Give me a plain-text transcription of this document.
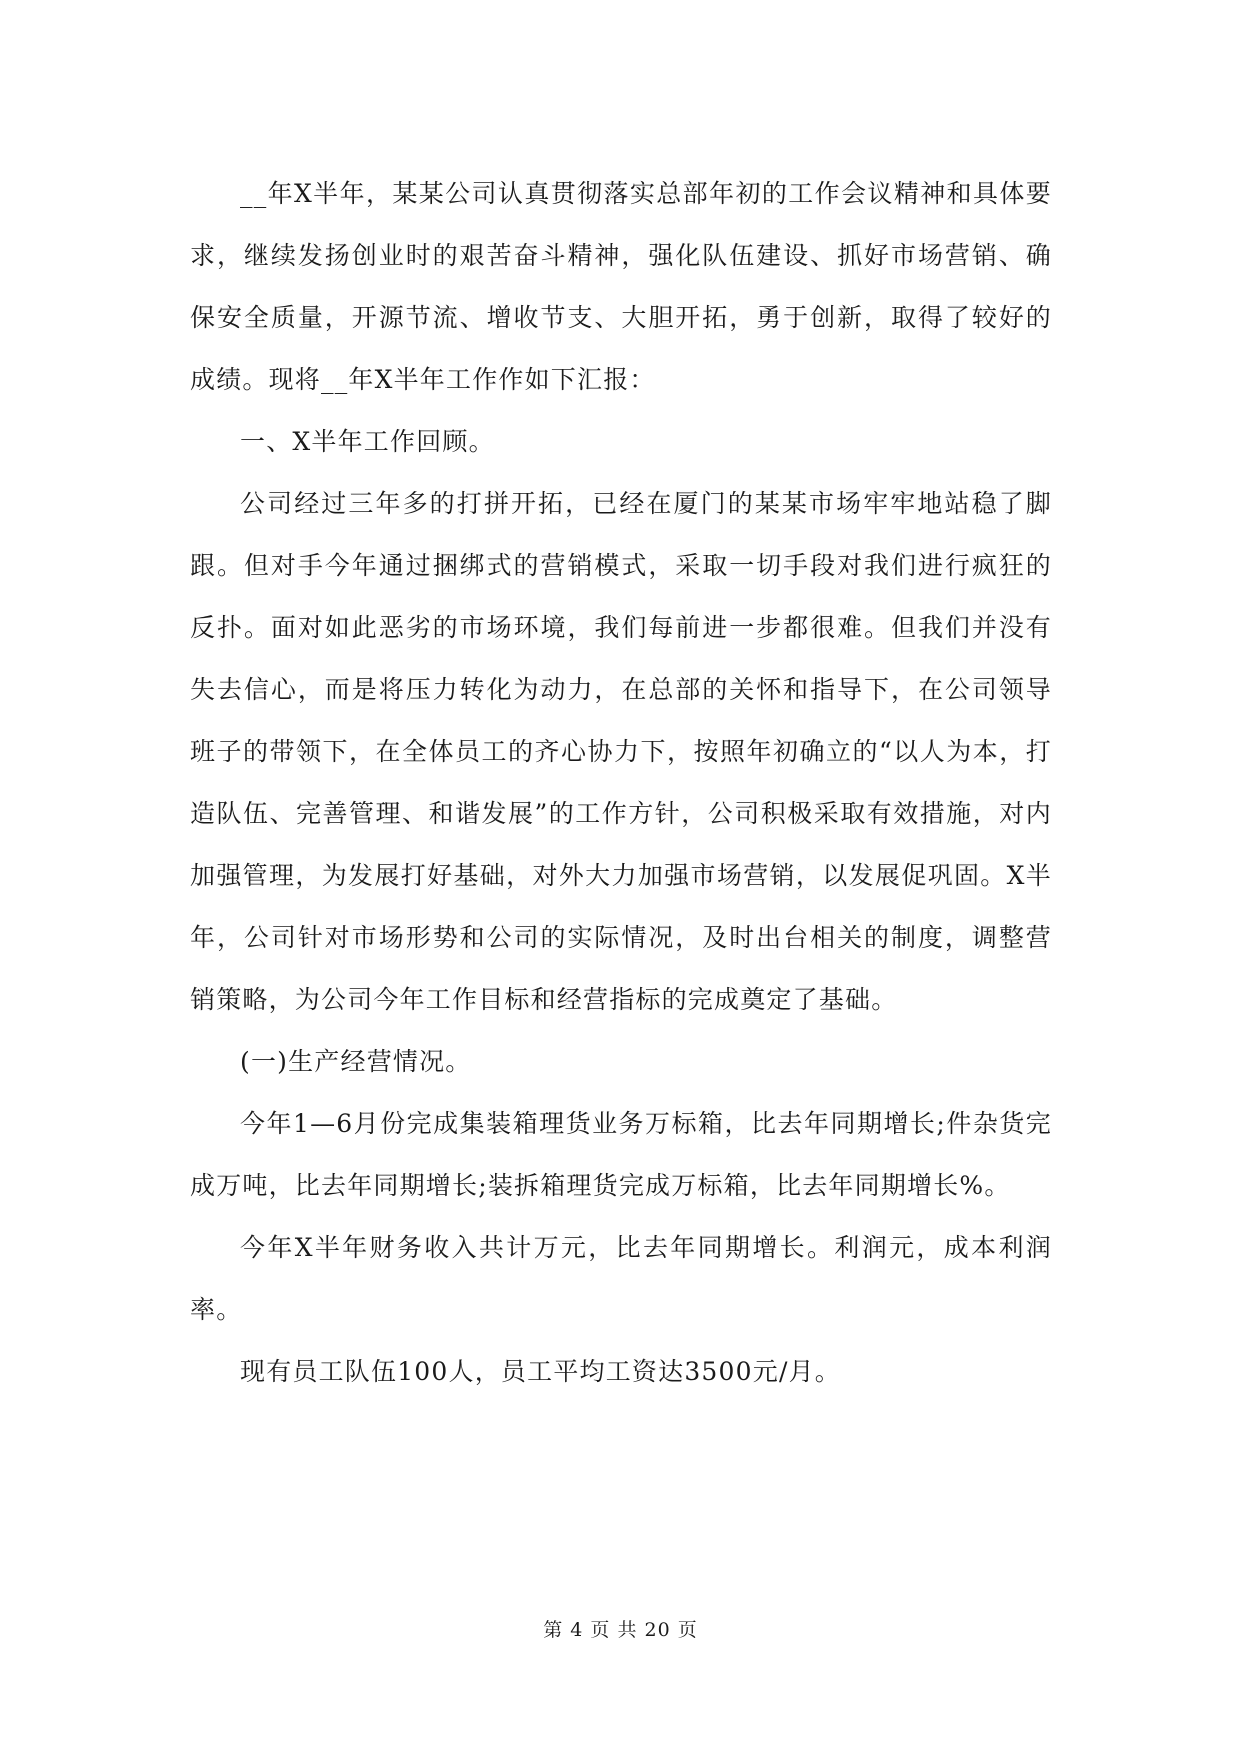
__年X半年，某某公司认真贯彻落实总部年初的工作会议精神和具体要求，继续发扬创业时的艰苦奋斗精神，强化队伍建设、抓好市场营销、确保安全质量，开源节流、增收节支、大胆开拓，勇于创新，取得了较好的成绩。现将__年X半年工作作如下汇报：

一、X半年工作回顾。

公司经过三年多的打拼开拓，已经在厦门的某某市场牢牢地站稳了脚跟。但对手今年通过捆绑式的营销模式，采取一切手段对我们进行疯狂的反扑。面对如此恶劣的市场环境，我们每前进一步都很难。但我们并没有失去信心，而是将压力转化为动力，在总部的关怀和指导下，在公司领导班子的带领下，在全体员工的齐心协力下，按照年初确立的“以人为本，打造队伍、完善管理、和谐发展”的工作方针，公司积极采取有效措施，对内加强管理，为发展打好基础，对外大力加强市场营销，以发展促巩固。X半年，公司针对市场形势和公司的实际情况，及时出台相关的制度，调整营销策略，为公司今年工作目标和经营指标的完成奠定了基础。

(一)生产经营情况。

今年1—6月份完成集装箱理货业务万标箱，比去年同期增长;件杂货完成万吨，比去年同期增长;装拆箱理货完成万标箱，比去年同期增长%。

今年X半年财务收入共计万元，比去年同期增长。利润元，成本利润率。

现有员工队伍100人，员工平均工资达3500元/月。

第 4 页 共 20 页
